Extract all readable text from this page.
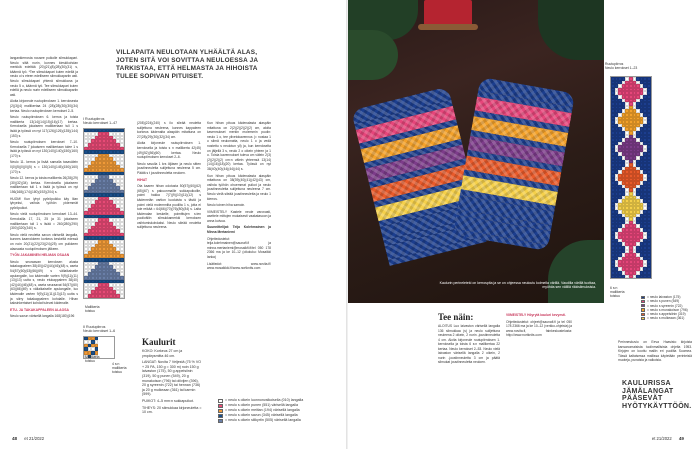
VILLAPAITA NEULOTAAN YLHÄÄLTÄ ALAS, JOTEN SITÄ VOI SOVITTAA NEULOESSA JA TARKISTAA, ETTÄ HELMASTA JA HIHOISTA TULEE SOPIVAN PITUISET.

langankierrosta nousee puikolle silmukkapari. Neulo siitä nurin, kunnes kieskikohdan merkkiä edeltää (20)(21)(8)(28)(30)(31) s, käännä työ. *Tee silmukkapari kuten edellä ja neulo oi s eteen edelliseen silmukkapariin asti. Neulo silmukkapari yhtenä silmukkana ja neulo 5 o, käännä työ. Tee silmukkapari kuten edellä ja neulo nurin edelliseen silmukkapariin asti.

Aloita kirjoneule ruutupiirroksen 1. kerroksesta (2)(3)(4) mallikertaa 24 (28)(28)(30)(30)(34) kertaa. Neulo ruutupiirroksen kerrokset 2–5.

Neulo ruutupiirroksen 6. kerros ja toista mallikerta 13(14)(14)(15)(16)(17) kertaa. Kerroksella jokaiseen mallikertaan tuli 1 s lisää ja työssä on nyt 117(126)(126)(135)(144)(153) s.

Neulo ruutupiirroksen kerrokset 7–10. Kerroksella 7 jokaiseen mallikertaan tulee 1 s lisää ja työssä on nyt 130(140)(140)(150)(160)(170) s.

Neulo 11. kerros ja lisää samalla tasavälein 0(0)(5)(0)(0)(5) s = 130(140)(145)(150)(160)(170) s.

Neulo 12. kerros ja toista mallikerta 26(28)(29)(30)(32)(34) kertaa. Kerroksella jokaiseen mallikertaan tuli 1 s lisää ja työssä on nyt 156(168)(174)(180)(192)(204) s.

HUOM! Kun lyhyt pyöröpuikko käy liian lyhyeksi, vaihda työhön pidemmät pyöröpuikot.

Neulo vielä ruutupiirroksen kerrokset 13–44. Kerroksilla 17, 21, 25 ja 31 jokaiseen mallikertaan tuli 1 s lisää = 260(280)(290)(300)(320)(340) s.

Neulo vielä neuletta savun värisellä langalla, kunnes kaarrokkeen korkeus keskeltä edessä on noin 20(21)(22)(23)(24)(25) cm puikkeen alaosasta ruutupiirroksen jälkeen.

TYÖN JAKAMINEN HELMAN OSAAN

Neulo seuraavan kerroksen alusta takakappaleen 38(40)(42)(44)(46)(48) s, aseta 54(57)(60)(63)(66)(69) s väliaikaiselle apulangalle, luo kädenalle varten 9(9)(11)(11)(13)(13) uutta s, neulo etukappaleen 38(40)(42)(44)(46)(48) s, aseta seuraavat 54(57)(60)(63)(66)(69) s väliaikaiselle apulangalle, luo kädenalle varten 9(9)(11)(11)(13)(13) uutta s ja siirry takakappaleen kohdalle. Hihan kaksinkertaiset kohdat tulevat kädenalle.

ETU- JA TAKAKAPPALEEN ALAOSA

Neulo savun värisellä langalla 168(180)(196

I Ruutupiirros
Neulo kerrokset 1–47
Mallikerta
toistuu
II Ruutupiirros
Neulo kerrokset 1–6
Mallikerta
toistuu
4 s:n
mallikerta
toistuu

(208)(224)(240) s ilo sileää neuletta sulijettuna neuleena, kunnes kappaleen korkeus kädenalta alaspäin mitattuna on 27(28)(29)(30)(32)(34) cm.

Aloita kirjoneule ruutupiirroksen 1. kerroksella ja toista s n mallikerta 42(45)(49)(52)(56)(60) kertaa. Neulo ruutupiirroksen kerrokset 2–6.

Neulo savulla 1 krs öljäsen ja neulo sitten joustinneuletta sulijettuna neuleena 5 cm. Päätä s t joustinneuletta neuloen.

HIHAT

Ota kaaren hihan odotusta 50(57)(60)(62)(65)(67) s pakuunmaille sukkapuikoille, poimi hakka 7(7)(9)(10)(11)(12) s kädenreiän vartion luoduista s tästä ja poimi vielä molemmilta puolilta 1 s, jotta ei tule reikää = 64(66)(70)(76)(80)(84) s. Laita kädenalan keskelle, poimittujen s:ien puoliväliin silmukkamerkki kerroksen vaihtumiskohdaksi. Neulo sileää neuletta sulijettuna neuleena.

Kun hihan pituus kädenalasta alaspäin mitattuna on 2(2)(2)(2)(2)(2) cm, aloita kavennukset merkin molemmin puolin: neulo 1 o, tee ylivetokavennus (= nostaa 1 o silmä neulomatta, neulo 1 o ja vedä nostettu s neulotun yli) ja, kun kerrokselta on jäljellä 3 s, neulo 2 o oikein yhteen ja 1 o. Toista kavennukset tuleva cm välein 2(3)(2)(2)(2)(2) cm:n välein yhteensä 13(14)(14)(16)(18)(20) kertaa. Työssä on nyt 38(40)(40)(44)(44)(44) s.

Kun hihan pituus kädenalasta alaspäin mitattuna on 38(39)(40)(41)(42)(43) cm, vaihda työhön ohuemmat puikot ja neulo joustinneuletta sulijettuna neuleena 7 cm. Neulo vielä sileää joustinneuletta ja neulo 1 kierros.

Neulo toinen hiha samoin.

VIIMEISTELY Kastele neule varovasti, asettele mittojen mukaisesti vaakatasoon ja anna kuivua.

Suunnittelijat: Teija Kolehmainen ja Minna Mertaniemi

Ohjetiedustelut: teija.kolehmainen@saunafi.fi ja minna.mertaniemi@mosaikfi.fi/tel 050 178 2366 ma ja ke 10–12 (oikoluku: Mosaikki lanka)

Lisätiedot: www.novita.fi/ www.mosaikkki.fi/www.nortknits.com

= neulo s oikein luonnonvalkoisella (010) langalla
= neulo s oikein punen (551) värisellä langalla
= neulo s oikein meitian (194) värisellä langalla
= neulo s oikein savun (345) värisellä langalla
= neulo s oikein silikyrtin (505) värisellä langalla
48 et 21/2022
Kaulurit

KOKO: Korkeus 27 cm ja ympärysmitta 46 cm.

LANGAT: Novita 7 Veljestä (75 % VO + 25 PA, 150 g = 300 m) noin 150 g laivaston (175), 50 g appelsiinin (319), 50 g punen (549), 20 g munakoison (796) tai oliivijen (396), 20 g syreenin (722) tai hennan (736) ja 20 g mulkeaan (361) tai karmin (599).

PUIKOT: 4–5 mm:n sukkapuikot.

TIHEYS: 20 silmukkaa kirjoneuletta = 10 cm.

Kaulurin perineleteki on kerrospita ja se on ohjeessa neuloutu kolmella värillä. Vaudilla värillä tuottaa, myöhäs sen välillä rikkisilmuksisia.
Ruutupiirros
Neulo kerrokset 1–23
6 s:n
mallikerta
toistuu	= neulo laivaston (175)
= neulo s punen (549)
= neulo s syreenin (722)
= neulo s munakoison (796)
= neulo s appelsiinin (319)
= neulo s mulkeaan (361)

Perinneskuvio on Eeva Haavisto kirjoista kansanomaisista tuolinmallisista ohjelta 1953. Kirjojen on koottu mallin eri puolilta Suomea. Tässä kaltaisessa mallissa käytetään perinteisiä muoteja, punaisia ja valkoisia.

KAULURISSA JÄMÄLANGAT PÄÄSEVÄT HYÖTYKÄYTTÖÖN.
et 21/2022 49
Tee näin:

ALOITUS Luo laivaston värisellä langalla 136 silmukkaa (s) ja neulo sulijettuna neuleena 2 oikein, 2 nurin -joustinneuletta 4 cm. Aloita kirjoneule ruutupiirroksen 1. kerroksella ja toista 6 s:n mallikertaa 22 kertaa. Neulo kerrokset 2–53. Neulo vielä laivaston värisellä langalla 2 oikein, 2 nurin -joustinneuletta 3 cm ja päätä silmukat joustinneuletta neuloen.

VIIMEISTELY Höyrytä kauluri kevyesti.

Ohjetiedustelut: ohjeet@saunafi.fi ja tel 050 178 2366 ma ja ke 10–12 (verkko-ohjeista) ja www.novita.fi, fainkeskustelusta: http://www.nortknits.com
